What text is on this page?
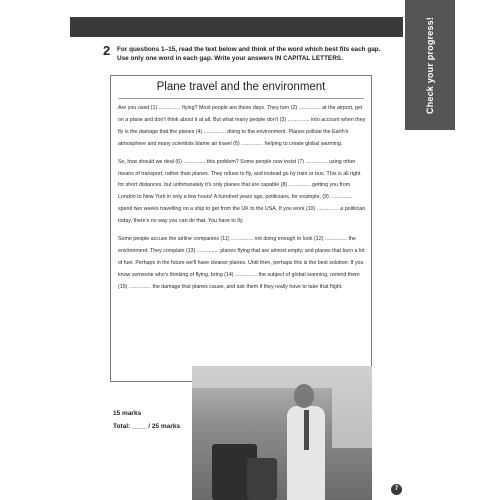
Check your progress!
2 For questions 1–15, read the text below and think of the word which best fits each gap. Use only one word in each gap. Write your answers IN CAPITAL LETTERS.
Plane travel and the environment

Are you used (1) ............... flying? Most people are these days. They turn (2) ............... at the airport, get on a plane and don't think about it at all. But what many people don't (3) ............... into account when they fly is the damage that the planes (4) ............... doing to the environment. Planes pollute the Earth's atmosphere and many scientists blame air travel (5) ............... helping to create global warming.

So, how should we deal (6) ............... this problem? Some people now insist (7) ............... using other means of transport, rather than planes. They refuse to fly, and instead go by train or bus. This is all right for short distances, but unfortunately it's only planes that are capable (8) ............... getting you from London to New York in only a few hours! A hundred years ago, politicians, for example, (9) ............... spend two weeks travelling on a ship to get from the UK to the USA. If you work (10) ............... a politician today, there's no way you can do that. You have to fly.

Some people accuse the airline companies (11) ............... not doing enough to look (12) ............... the environment. They complain (13) ............... planes flying that are almost empty, and planes that burn a lot of fuel. Perhaps in the future we'll have cleaner planes. Until then, perhaps this is the best solution: If you know someone who's thinking of flying, bring (14) ............... the subject of global warming, remind them (15) ............... the damage that planes cause, and ask them if they really have to take that flight.

15 marks
Total: ____ / 25 marks
7
